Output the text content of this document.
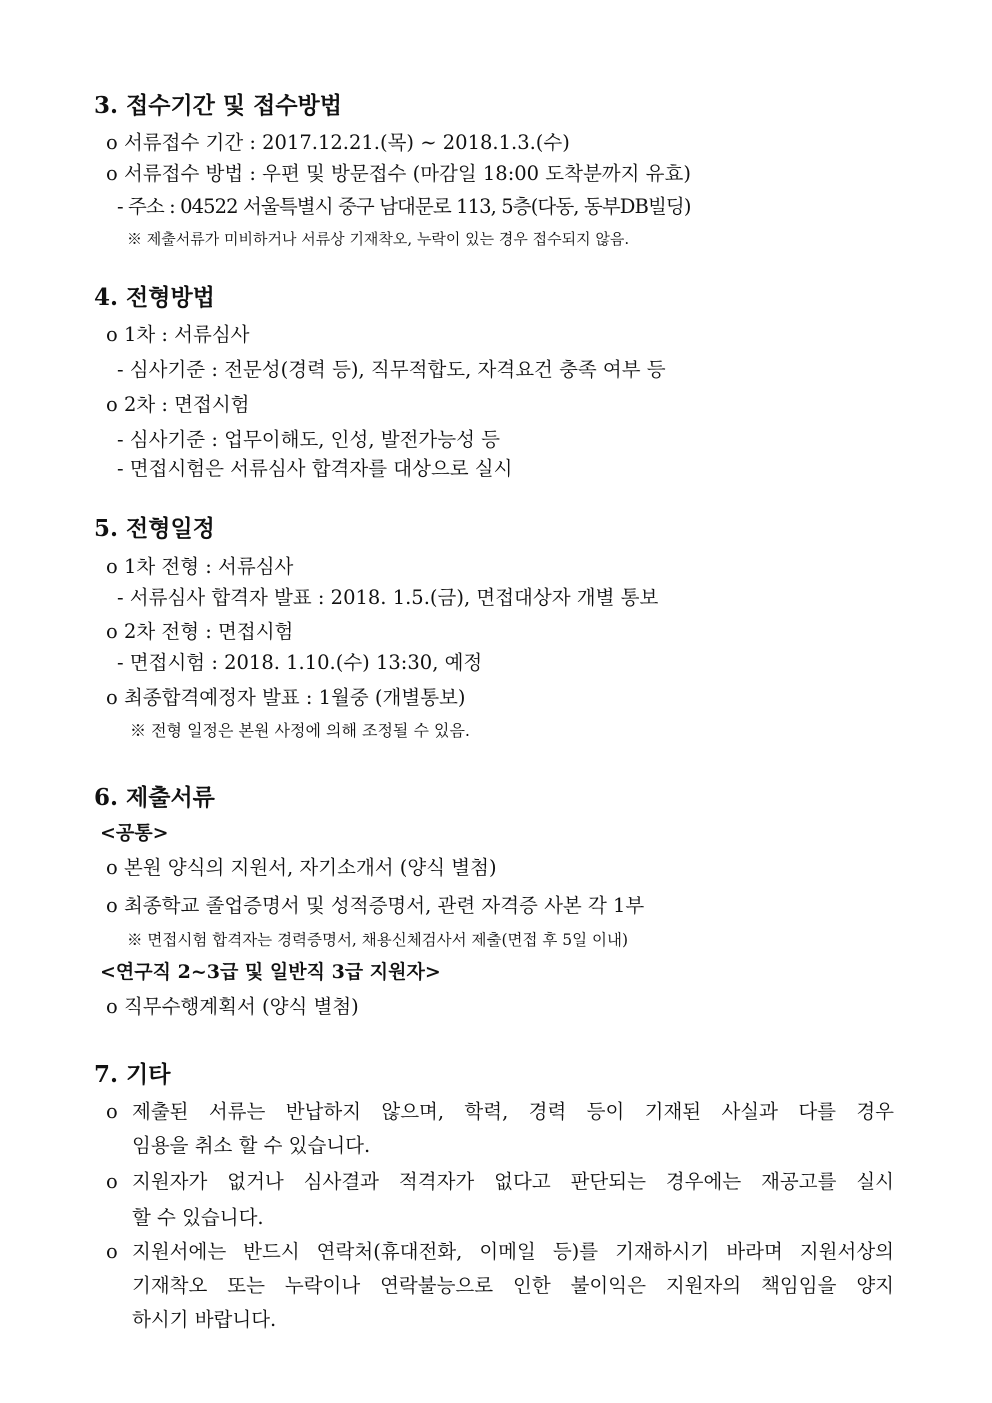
3. 접수기간 및 접수방법
o 서류접수 기간 : 2017.12.21.(목) ∼ 2018.1.3.(수)
o 서류접수 방법 : 우편 및 방문접수 (마감일 18:00 도착분까지 유효)
- 주소 : 04522 서울특별시 중구 남대문로 113, 5층(다동, 동부DB빌딩)
※ 제출서류가 미비하거나 서류상 기재착오, 누락이 있는 경우 접수되지 않음.
4. 전형방법
o 1차 : 서류심사
- 심사기준 : 전문성(경력 등), 직무적합도, 자격요건 충족 여부 등
o 2차 : 면접시험
- 심사기준 : 업무이해도, 인성, 발전가능성 등
- 면접시험은 서류심사 합격자를 대상으로 실시
5. 전형일정
o 1차 전형 : 서류심사
- 서류심사 합격자 발표 : 2018. 1.5.(금), 면접대상자 개별 통보
o 2차 전형 : 면접시험
- 면접시험 : 2018. 1.10.(수) 13:30, 예정
o 최종합격예정자 발표 : 1월중 (개별통보)
※ 전형 일정은 본원 사정에 의해 조정될 수 있음.
6. 제출서류
<공통>
o 본원 양식의 지원서, 자기소개서 (양식 별첨)
o 최종학교 졸업증명서 및 성적증명서, 관련 자격증 사본 각 1부
※ 면접시험 합격자는 경력증명서, 채용신체검사서 제출(면접 후 5일 이내)
<연구직 2~3급 및 일반직 3급 지원자>
o 직무수행계획서 (양식 별첨)
7. 기타
o 제출된 서류는 반납하지 않으며, 학력, 경력 등이 기재된 사실과 다를 경우
임용을 취소 할 수 있습니다.
o 지원자가 없거나 심사결과 적격자가 없다고 판단되는 경우에는 재공고를 실시
할 수 있습니다.
o 지원서에는 반드시 연락처(휴대전화, 이메일 등)를 기재하시기 바라며 지원서상의
기재착오 또는 누락이나 연락불능으로 인한 불이익은 지원자의 책임임을 양지
하시기 바랍니다.
